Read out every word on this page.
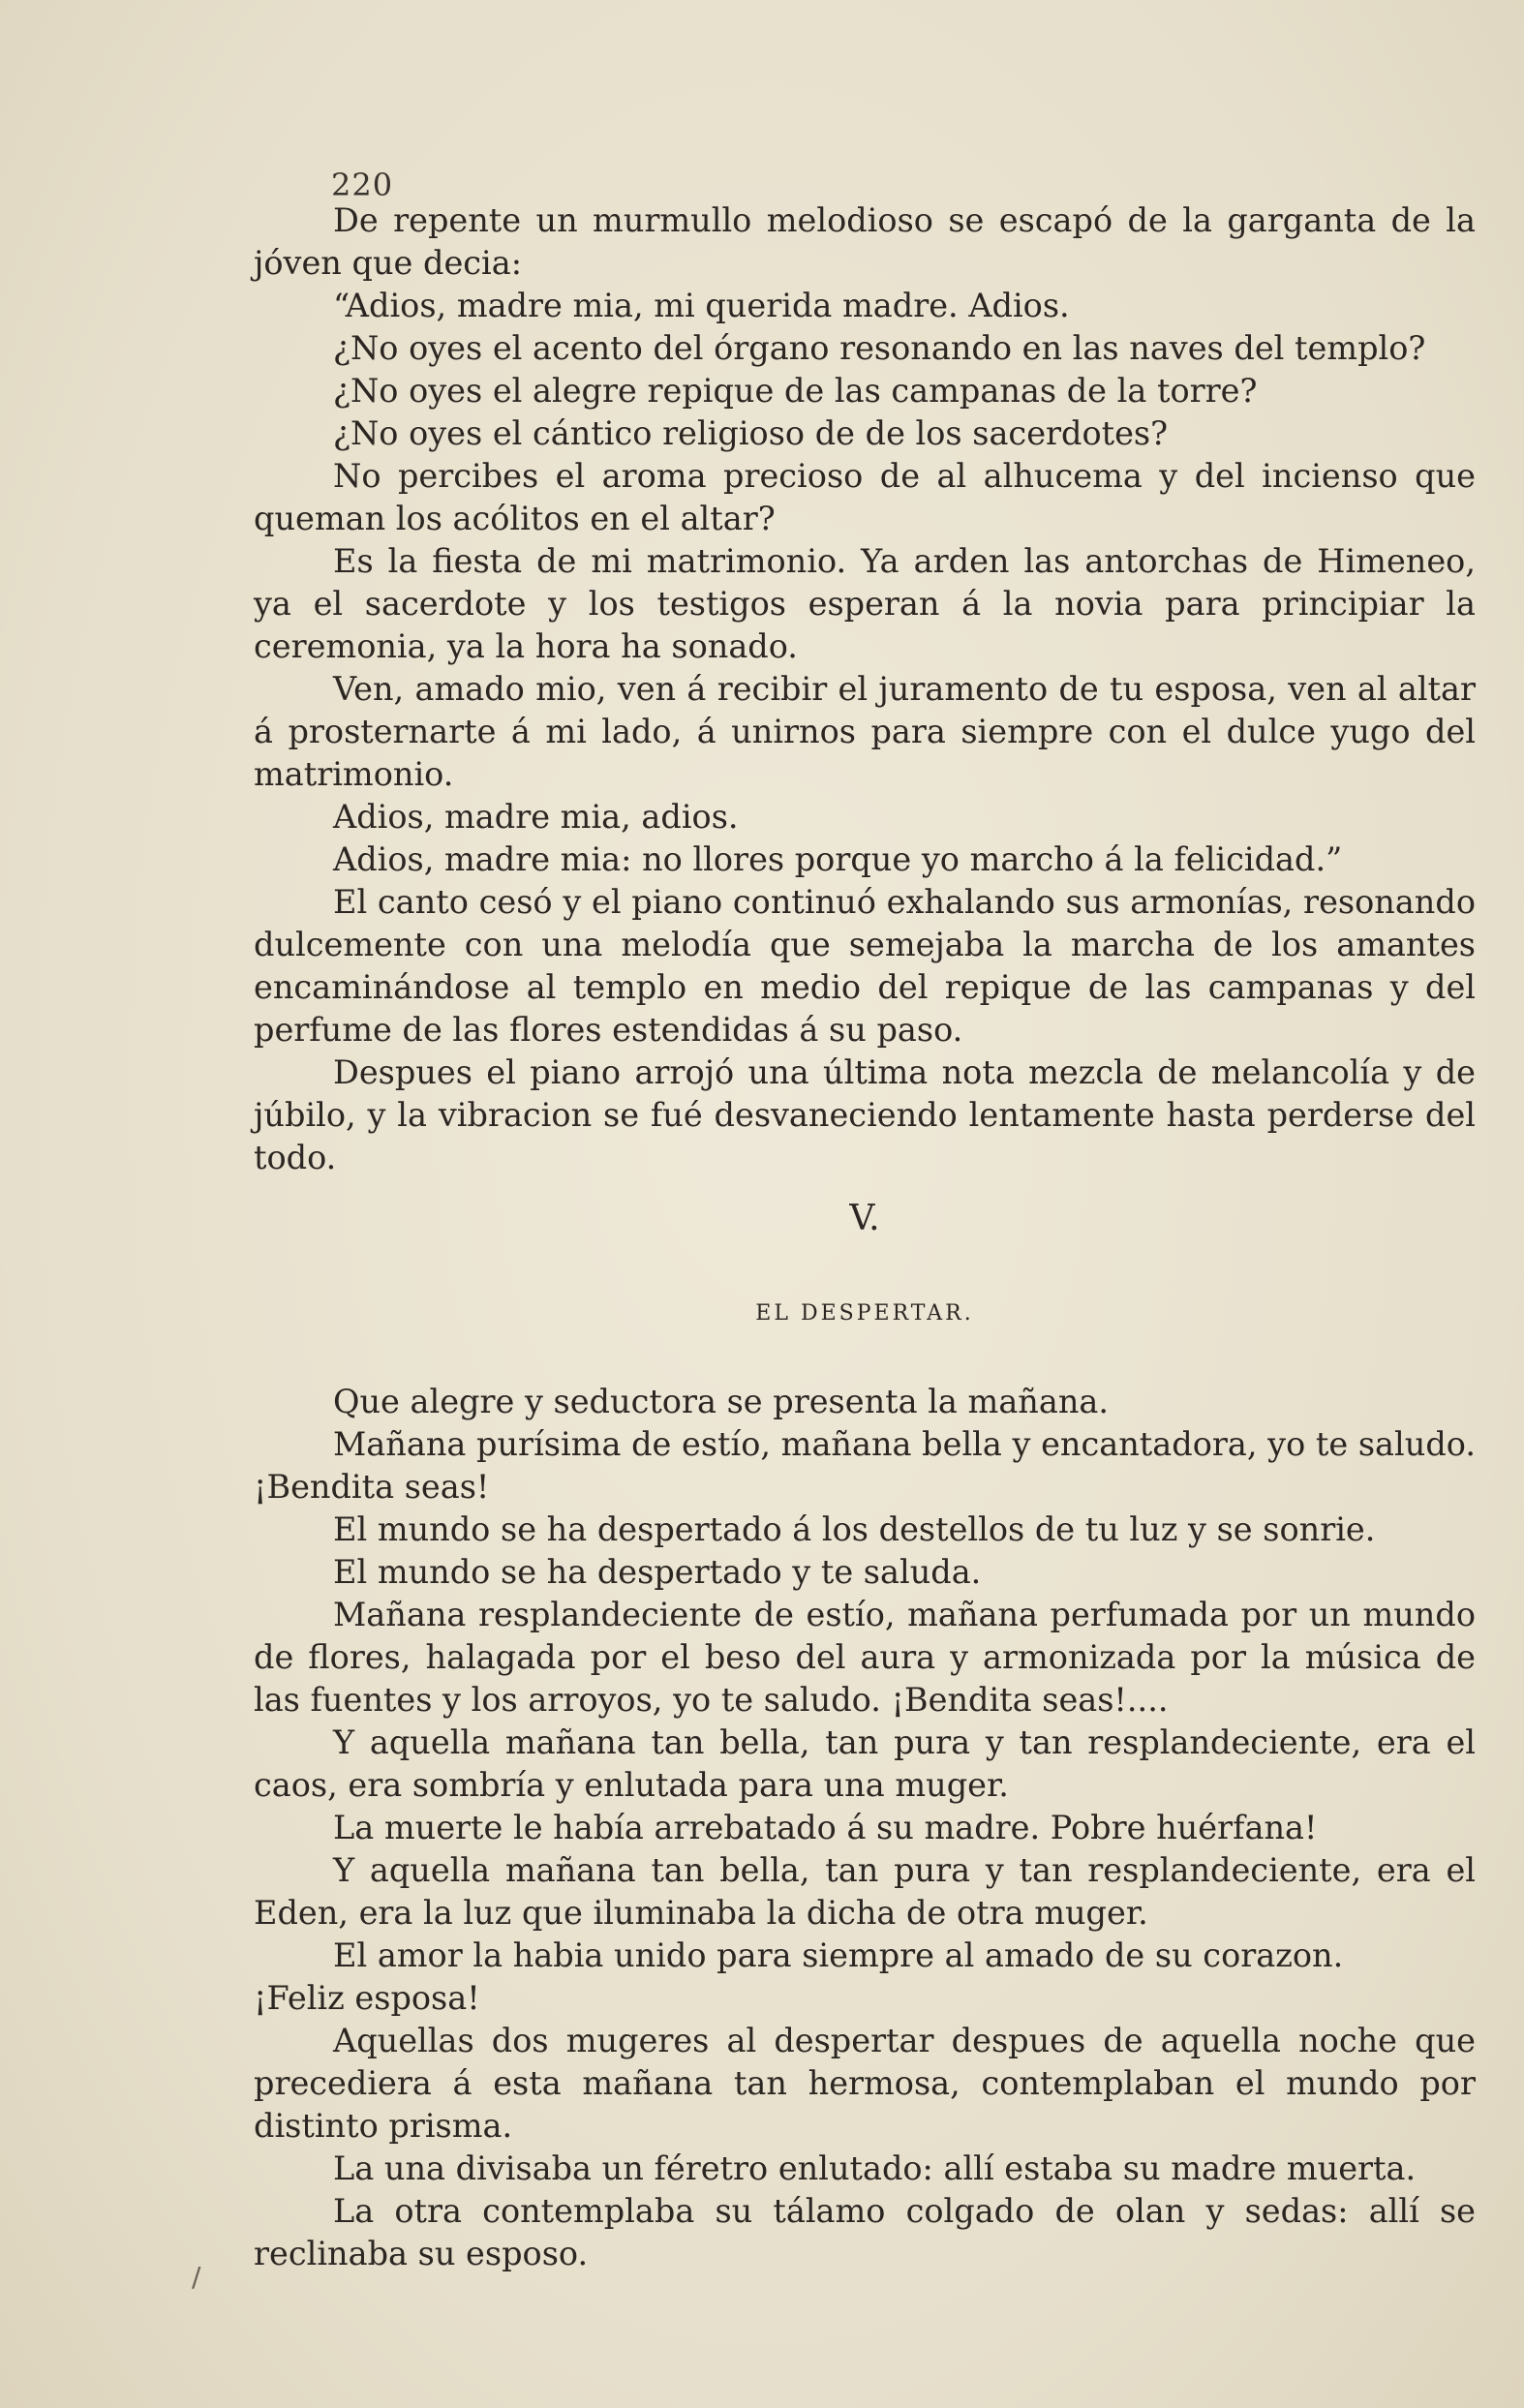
220

De repente un murmullo melodioso se escapó de la garganta de la jóven que decia:

“Adios, madre mia, mi querida madre. Adios.

¿No oyes el acento del órgano resonando en las naves del templo?

¿No oyes el alegre repique de las campanas de la torre?

¿No oyes el cántico religioso de de los sacerdotes?

No percibes el aroma precioso de al alhucema y del incienso que queman los acólitos en el altar?

Es la fiesta de mi matrimonio. Ya arden las antorchas de Himeneo, ya el sacerdote y los testigos esperan á la novia para principiar la ceremonia, ya la hora ha sonado.

Ven, amado mio, ven á recibir el juramento de tu esposa, ven al altar á prosternarte á mi lado, á unirnos para siempre con el dulce yugo del matrimonio.

Adios, madre mia, adios.

Adios, madre mia: no llores porque yo marcho á la felicidad.”

El canto cesó y el piano continuó exhalando sus armonías, resonando dulcemente con una melodía que semejaba la marcha de los amantes encaminándose al templo en medio del repique de las campanas y del perfume de las flores estendidas á su paso.

Despues el piano arrojó una última nota mezcla de melancolía y de júbilo, y la vibracion se fué desvaneciendo lentamente hasta perderse del todo.

V.
EL DESPERTAR.

Que alegre y seductora se presenta la mañana.

Mañana purísima de estío, mañana bella y encantadora, yo te saludo. ¡Bendita seas!

El mundo se ha despertado á los destellos de tu luz y se sonrie.

El mundo se ha despertado y te saluda.

Mañana resplandeciente de estío, mañana perfumada por un mundo de flores, halagada por el beso del aura y armonizada por la música de las fuentes y los arroyos, yo te saludo. ¡Bendita seas!....

Y aquella mañana tan bella, tan pura y tan resplandeciente, era el caos, era sombría y enlutada para una muger.

La muerte le había arrebatado á su madre. Pobre huérfana!

Y aquella mañana tan bella, tan pura y tan resplandeciente, era el Eden, era la luz que iluminaba la dicha de otra muger.

El amor la habia unido para siempre al amado de su corazon.

¡Feliz esposa!

Aquellas dos mugeres al despertar despues de aquella noche que precediera á esta mañana tan hermosa, contemplaban el mundo por distinto prisma.

La una divisaba un féretro enlutado: allí estaba su madre muerta.

La otra contemplaba su tálamo colgado de olan y sedas: allí se reclinaba su esposo.

/
